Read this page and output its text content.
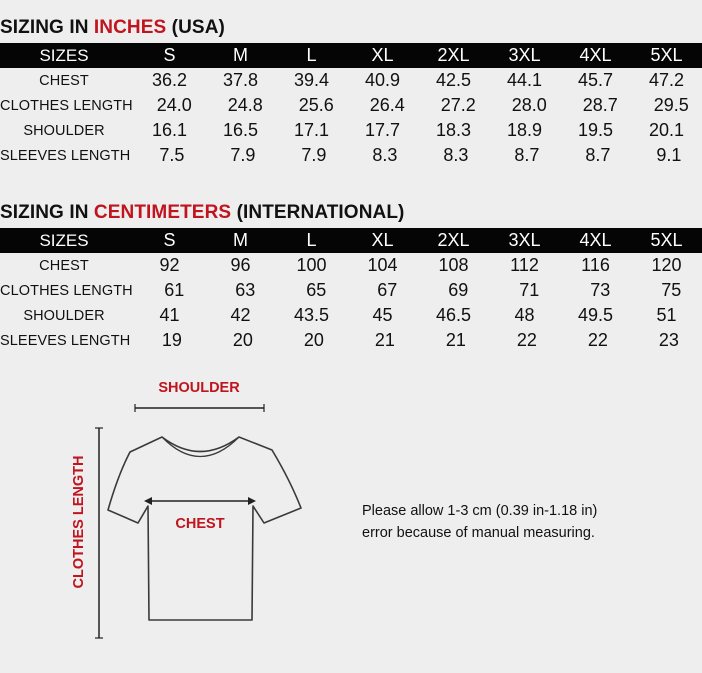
SIZING IN INCHES (USA)
SIZES	S	M	L	XL	2XL	3XL	4XL	5XL
CHEST	36.2	37.8	39.4	40.9	42.5	44.1	45.7	47.2
CLOTHES LENGTH	24.0	24.8	25.6	26.4	27.2	28.0	28.7	29.5
SHOULDER	16.1	16.5	17.1	17.7	18.3	18.9	19.5	20.1
SLEEVES LENGTH	7.5	7.9	7.9	8.3	8.3	8.7	8.7	9.1
SIZING IN CENTIMETERS (INTERNATIONAL)
SIZES	S	M	L	XL	2XL	3XL	4XL	5XL
CHEST	92	96	100	104	108	112	116	120
CLOTHES LENGTH	61	63	65	67	69	71	73	75
SHOULDER	41	42	43.5	45	46.5	48	49.5	51
SLEEVES LENGTH	19	20	20	21	21	22	22	23
SHOULDER
CLOTHES LENGTH	CHEST
Please allow 1-3 cm (0.39 in-1.18 in)
error because of manual measuring.
